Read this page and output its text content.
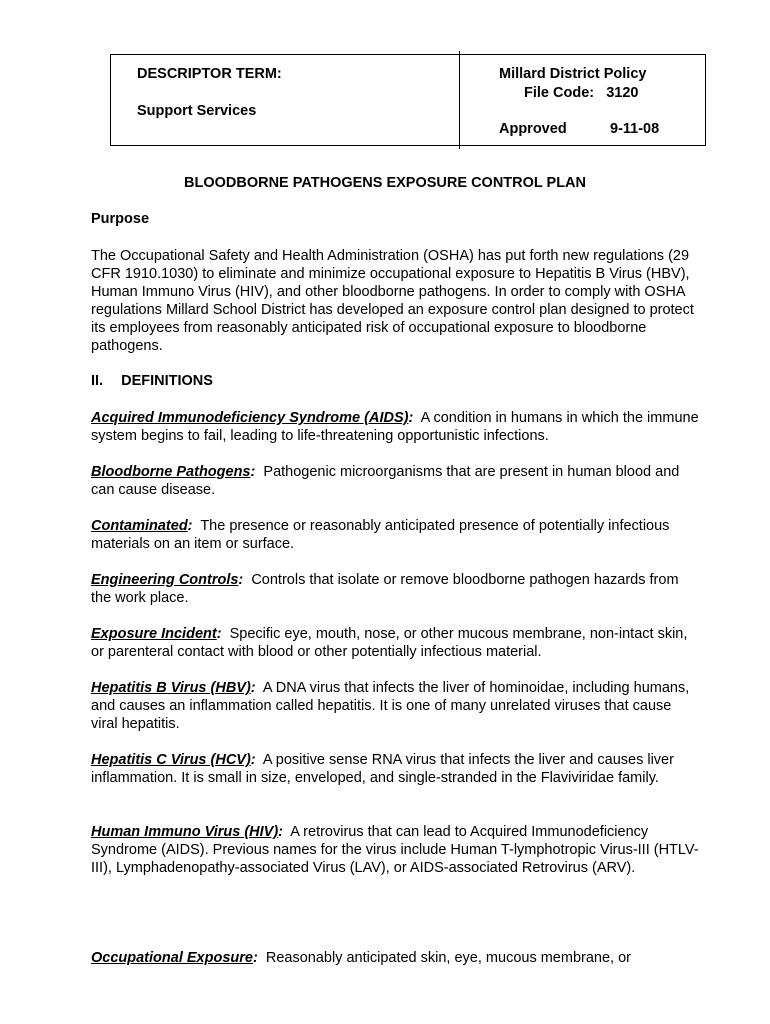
DESCRIPTOR TERM:
Support Services
Millard District Policy
File Code: 3120
Approved	9-11-08
BLOODBORNE PATHOGENS EXPOSURE CONTROL PLAN
Purpose

The Occupational Safety and Health Administration (OSHA) has put forth new regulations (29 CFR 1910.1030) to eliminate and minimize occupational exposure to Hepatitis B Virus (HBV), Human Immuno Virus (HIV), and other bloodborne pathogens. In order to comply with OSHA regulations Millard School District has developed an exposure control plan designed to protect its employees from reasonably anticipated risk of occupational exposure to bloodborne pathogens.

II. DEFINITIONS

Acquired Immunodeficiency Syndrome (AIDS): A condition in humans in which the immune system begins to fail, leading to life-threatening opportunistic infections.

Bloodborne Pathogens: Pathogenic microorganisms that are present in human blood and can cause disease.

Contaminated: The presence or reasonably anticipated presence of potentially infectious materials on an item or surface.

Engineering Controls: Controls that isolate or remove bloodborne pathogen hazards from the work place.

Exposure Incident: Specific eye, mouth, nose, or other mucous membrane, non-intact skin, or parenteral contact with blood or other potentially infectious material.

Hepatitis B Virus (HBV): A DNA virus that infects the liver of hominoidae, including humans, and causes an inflammation called hepatitis. It is one of many unrelated viruses that cause viral hepatitis.

Hepatitis C Virus (HCV): A positive sense RNA virus that infects the liver and causes liver inflammation. It is small in size, enveloped, and single-stranded in the Flaviviridae family.

Human Immuno Virus (HIV): A retrovirus that can lead to Acquired Immunodeficiency Syndrome (AIDS). Previous names for the virus include Human T-lymphotropic Virus-III (HTLV-III), Lymphadenopathy-associated Virus (LAV), or AIDS-associated Retrovirus (ARV).

Occupational Exposure: Reasonably anticipated skin, eye, mucous membrane, or
